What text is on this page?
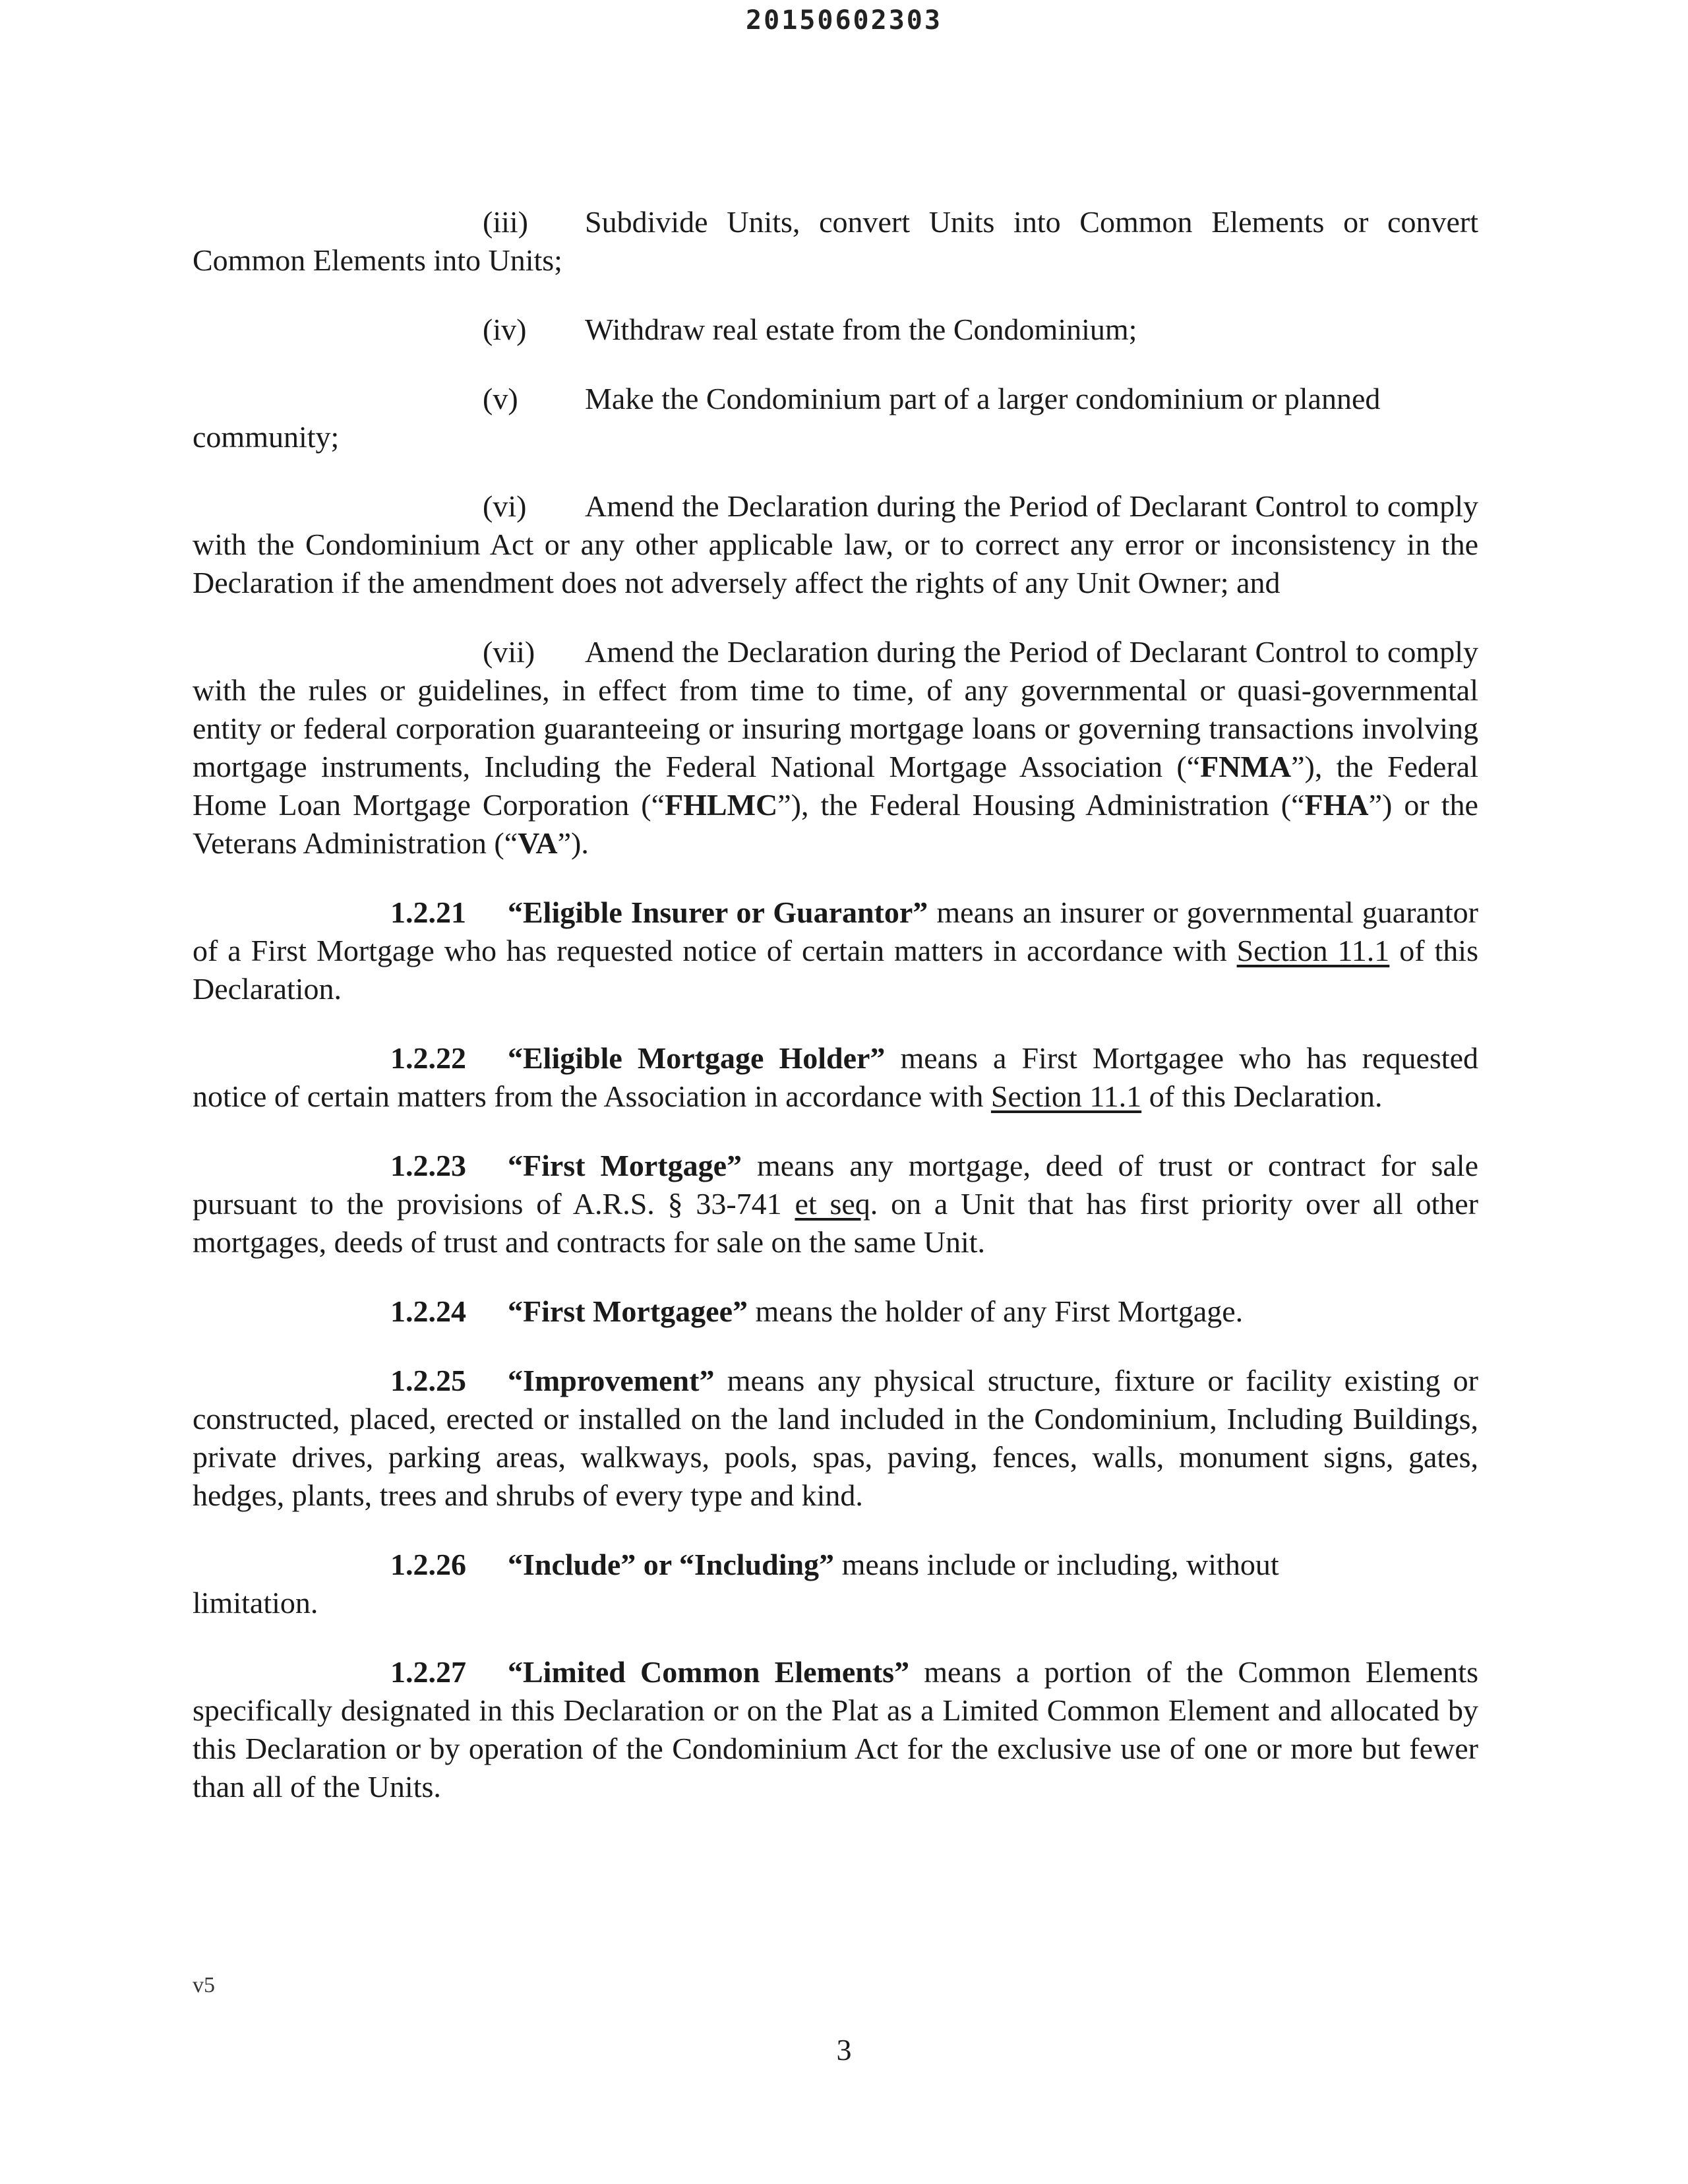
20150602303

(iii) Subdivide Units, convert Units into Common Elements or convert Common Elements into Units;

(iv) Withdraw real estate from the Condominium;

(v) Make the Condominium part of a larger condominium or planned

community;

(vi) Amend the Declaration during the Period of Declarant Control to comply with the Condominium Act or any other applicable law, or to correct any error or inconsistency in the Declaration if the amendment does not adversely affect the rights of any Unit Owner; and

(vii) Amend the Declaration during the Period of Declarant Control to comply with the rules or guidelines, in effect from time to time, of any governmental or quasi-governmental entity or federal corporation guaranteeing or insuring mortgage loans or governing transactions involving mortgage instruments, Including the Federal National Mortgage Association (“FNMA”), the Federal Home Loan Mortgage Corporation (“FHLMC”), the Federal Housing Administration (“FHA”) or the Veterans Administration (“VA”).

1.2.21 “Eligible Insurer or Guarantor” means an insurer or governmental guarantor of a First Mortgage who has requested notice of certain matters in accordance with Section 11.1 of this Declaration.

1.2.22 “Eligible Mortgage Holder” means a First Mortgagee who has requested notice of certain matters from the Association in accordance with Section 11.1 of this Declaration.

1.2.23 “First Mortgage” means any mortgage, deed of trust or contract for sale pursuant to the provisions of A.R.S. § 33-741 et seq. on a Unit that has first priority over all other mortgages, deeds of trust and contracts for sale on the same Unit.

1.2.24 “First Mortgagee” means the holder of any First Mortgage.

1.2.25 “Improvement” means any physical structure, fixture or facility existing or constructed, placed, erected or installed on the land included in the Condominium, Including Buildings, private drives, parking areas, walkways, pools, spas, paving, fences, walls, monument signs, gates, hedges, plants, trees and shrubs of every type and kind.

1.2.26 “Include” or “Including” means include or including, without

limitation.

1.2.27 “Limited Common Elements” means a portion of the Common Elements specifically designated in this Declaration or on the Plat as a Limited Common Element and allocated by this Declaration or by operation of the Condominium Act for the exclusive use of one or more but fewer than all of the Units.

v5
3
